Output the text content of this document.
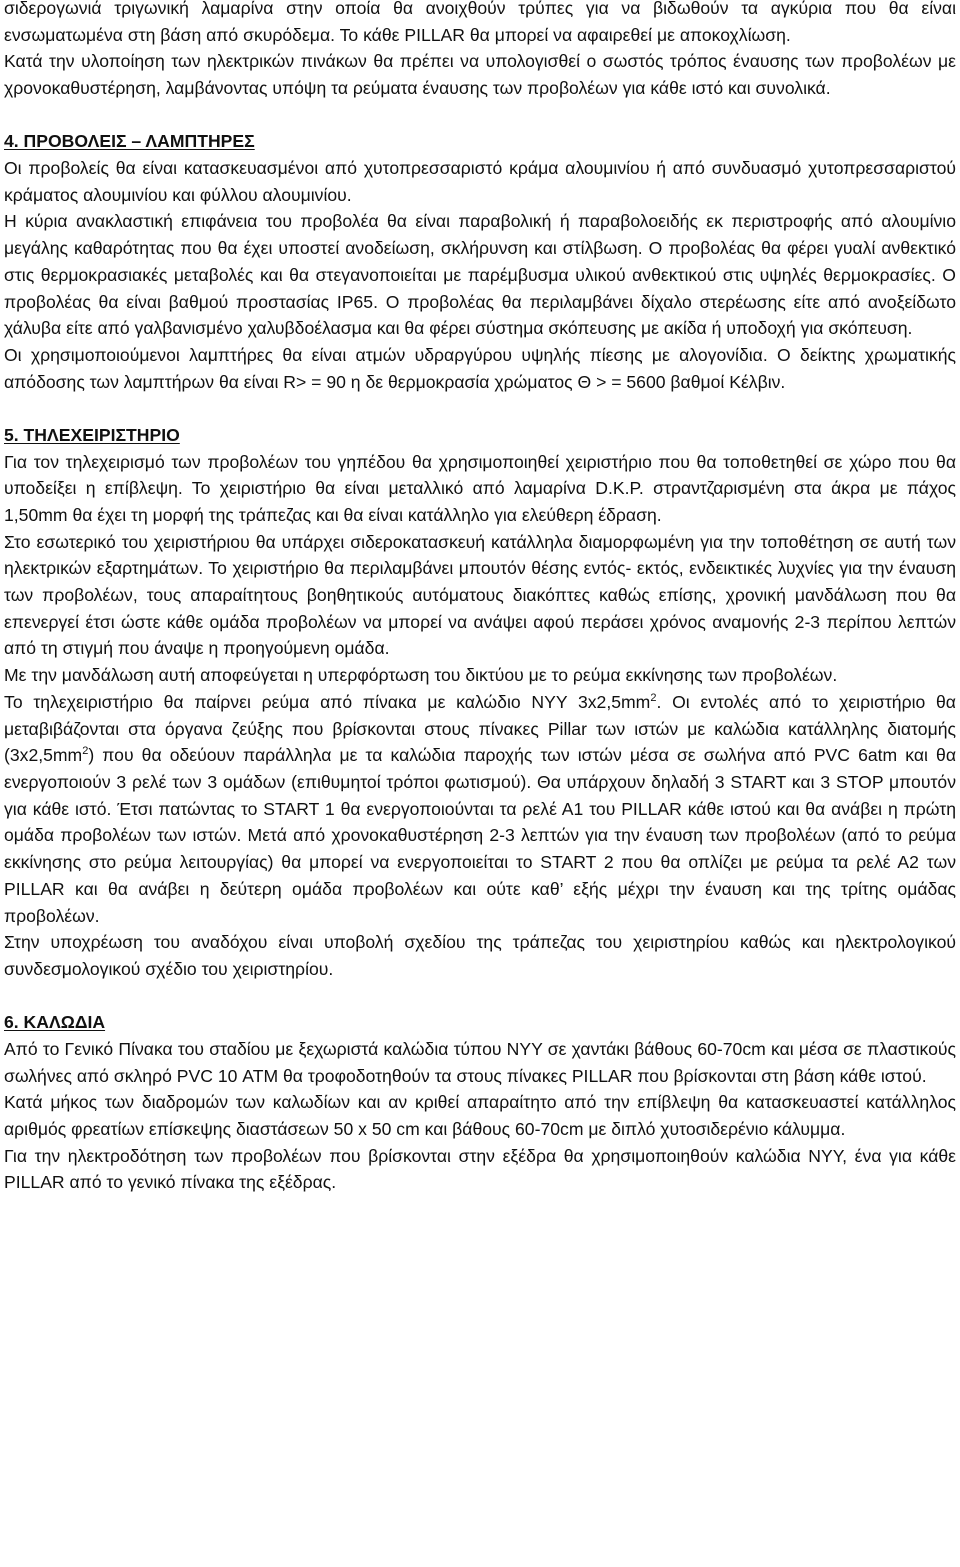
σιδερογωνιά τριγωνική λαμαρίνα στην οποία θα ανοιχθούν τρύπες για να βιδωθούν τα αγκύρια που θα είναι ενσωματωμένα στη βάση από σκυρόδεμα. Το κάθε PILLAR θα μπορεί να αφαιρεθεί με αποκοχλίωση.

Κατά την υλοποίηση των ηλεκτρικών πινάκων θα πρέπει να υπολογισθεί ο σωστός τρόπος έναυσης των προβολέων με χρονοκαθυστέρηση, λαμβάνοντας υπόψη τα ρεύματα έναυσης των προβολέων για κάθε ιστό και συνολικά.

4. ΠΡΟΒΟΛΕΙΣ – ΛΑΜΠΤΗΡΕΣ

Οι προβολείς θα είναι κατασκευασμένοι από χυτοπρεσσαριστό κράμα αλουμινίου ή από συνδυασμό χυτοπρεσσαριστού κράματος αλουμινίου και φύλλου αλουμινίου.

Η κύρια ανακλαστική επιφάνεια του προβολέα θα είναι παραβολική ή παραβολοειδής εκ περιστροφής από αλουμίνιο μεγάλης καθαρότητας που θα έχει υποστεί ανοδείωση, σκλήρυνση και στίλβωση. Ο προβολέας θα φέρει γυαλί ανθεκτικό στις θερμοκρασιακές μεταβολές και θα στεγανοποιείται με παρέμβυσμα υλικού ανθεκτικού στις υψηλές θερμοκρασίες. Ο προβολέας θα είναι βαθμού προστασίας IP65. Ο προβολέας θα περιλαμβάνει δίχαλο στερέωσης είτε από ανοξείδωτο χάλυβα είτε από γαλβανισμένο χαλυβδοέλασμα και θα φέρει σύστημα σκόπευσης με ακίδα ή υποδοχή για σκόπευση.

Οι χρησιμοποιούμενοι λαμπτήρες θα είναι ατμών υδραργύρου υψηλής πίεσης με αλογονίδια. Ο δείκτης χρωματικής απόδοσης των λαμπτήρων θα είναι R> = 90 η δε θερμοκρασία χρώματος Θ > = 5600 βαθμοί Κέλβιν.

5. ΤΗΛΕΧΕΙΡΙΣΤΗΡΙΟ

Για τον τηλεχειρισμό των προβολέων του γηπέδου θα χρησιμοποιηθεί χειριστήριο που θα τοποθετηθεί σε χώρο που θα υποδείξει η επίβλεψη. Το χειριστήριο θα είναι μεταλλικό από λαμαρίνα D.K.P. στραντζαρισμένη στα άκρα με πάχος 1,50mm θα έχει τη μορφή της τράπεζας και θα είναι κατάλληλο για ελεύθερη έδραση.

Στο εσωτερικό του χειριστήριου θα υπάρχει σιδεροκατασκευή κατάλληλα διαμορφωμένη για την τοποθέτηση σε αυτή των ηλεκτρικών εξαρτημάτων. Το χειριστήριο θα περιλαμβάνει μπουτόν θέσης εντός- εκτός, ενδεικτικές λυχνίες για την έναυση των προβολέων, τους απαραίτητους βοηθητικούς αυτόματους διακόπτες καθώς επίσης, χρονική μανδάλωση που θα επενεργεί έτσι ώστε κάθε ομάδα προβολέων να μπορεί να ανάψει αφού περάσει χρόνος αναμονής 2-3 περίπου λεπτών από τη στιγμή που άναψε η προηγούμενη ομάδα.

Με την μανδάλωση αυτή αποφεύγεται η υπερφόρτωση του δικτύου με το ρεύμα εκκίνησης των προβολέων.

Το τηλεχειριστήριο θα παίρνει ρεύμα από πίνακα με καλώδιο NYY $3x2,5mm^2$. Οι εντολές από το χειριστήριο θα μεταβιβάζονται στα όργανα ζεύξης που βρίσκονται στους πίνακες Pillar των ιστών με καλώδια κατάλληλης διατομής $(3x2,5mm^2)$ που θα οδεύουν παράλληλα με τα καλώδια παροχής των ιστών μέσα σε σωλήνα από PVC 6atm και θα ενεργοποιούν 3 ρελέ των 3 ομάδων (επιθυμητοί τρόποι φωτισμού). Θα υπάρχουν δηλαδή 3 START και 3 STOP μπουτόν για κάθε ιστό. Έτσι πατώντας το START 1 θα ενεργοποιούνται τα ρελέ Α1 του PILLAR κάθε ιστού και θα ανάβει η πρώτη ομάδα προβολέων των ιστών. Μετά από χρονοκαθυστέρηση 2-3 λεπτών για την έναυση των προβολέων (από το ρεύμα εκκίνησης στο ρεύμα λειτουργίας) θα μπορεί να ενεργοποιείται το START 2 που θα οπλίζει με ρεύμα τα ρελέ Α2 των PILLAR και θα ανάβει η δεύτερη ομάδα προβολέων και ούτε καθ’ εξής μέχρι την έναυση και της τρίτης ομάδας προβολέων.

Στην υποχρέωση του αναδόχου είναι υποβολή σχεδίου της τράπεζας του χειριστηρίου καθώς και ηλεκτρολογικού συνδεσμολογικού σχέδιο του χειριστηρίου.

6. ΚΑΛΩΔΙΑ

Από το Γενικό Πίνακα του σταδίου με ξεχωριστά καλώδια τύπου NYY σε χαντάκι βάθους 60-70cm και μέσα σε πλαστικούς σωλήνες από σκληρό PVC 10 ΑΤΜ θα τροφοδοτηθούν τα στους πίνακες PILLAR που βρίσκονται στη βάση κάθε ιστού.

Κατά μήκος των διαδρομών των καλωδίων και αν κριθεί απαραίτητο από την επίβλεψη θα κατασκευαστεί κατάλληλος αριθμός φρεατίων επίσκεψης διαστάσεων 50 x 50 cm και βάθους 60-70cm με διπλό χυτοσιδερένιο κάλυμμα.

Για την ηλεκτροδότηση των προβολέων που βρίσκονται στην εξέδρα θα χρησιμοποιηθούν καλώδια NYY, ένα για κάθε PILLAR από το γενικό πίνακα της εξέδρας.
